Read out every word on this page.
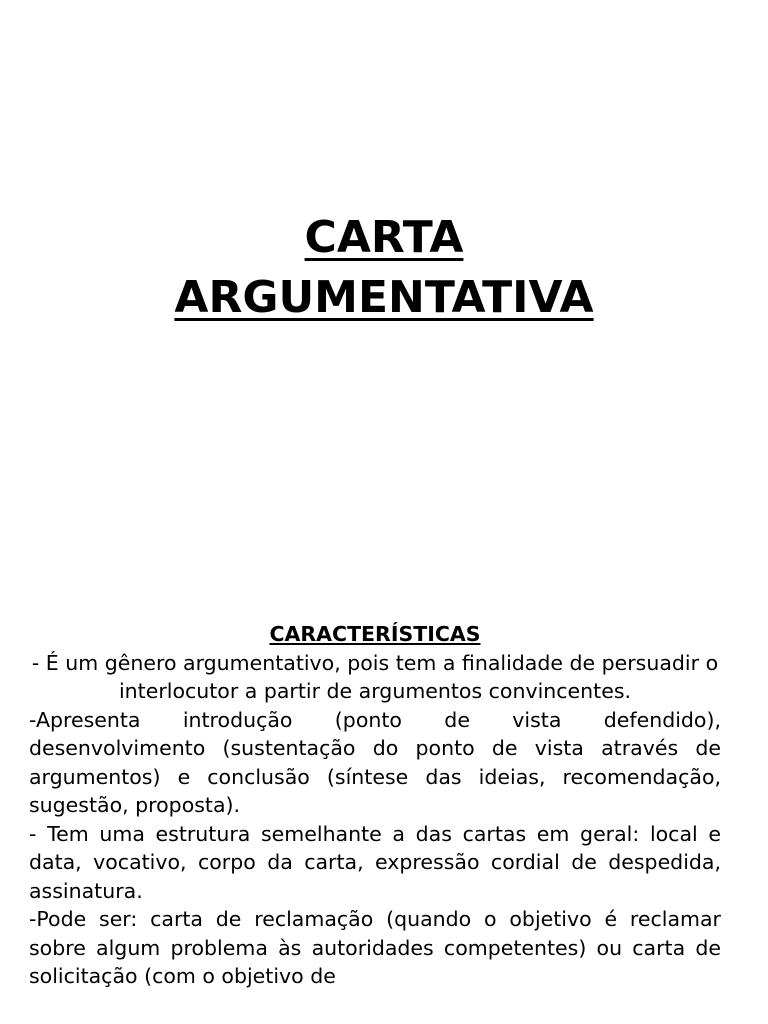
CARTA
ARGUMENTATIVA
CARACTERÍSTICAS

- É um gênero argumentativo, pois tem a finalidade de persuadir o interlocutor a partir de argumentos convincentes.

-Apresenta introdução (ponto de vista defendido), desenvolvimento (sustentação do ponto de vista através de argumentos) e conclusão (síntese das ideias, recomendação, sugestão, proposta).

- Tem uma estrutura semelhante a das cartas em geral: local e data, vocativo, corpo da carta, expressão cordial de despedida, assinatura.

-Pode ser: carta de reclamação (quando o objetivo é reclamar sobre algum problema às autoridades competentes) ou carta de solicitação (com o objetivo de
